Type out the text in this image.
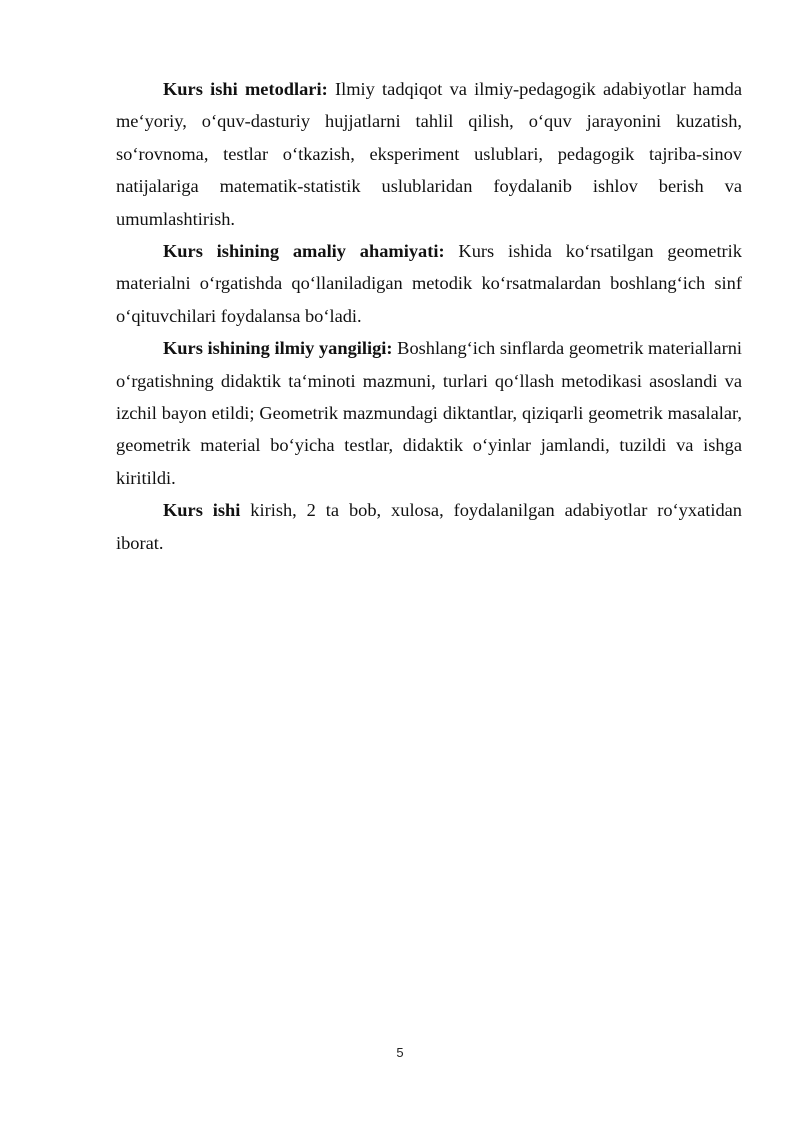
Kurs ishi metodlari: Ilmiy tadqiqot va ilmiy-pedagogik adabiyotlar hamda me‘yoriy, o‘quv-dasturiy hujjatlarni tahlil qilish, o‘quv jarayonini kuzatish, so‘rovnoma, testlar o‘tkazish, eksperiment uslublari, pedagogik tajriba-sinov natijalariga matematik-statistik uslublaridan foydalanib ishlov berish va umumlashtirish.

Kurs ishining amaliy ahamiyati: Kurs ishida ko‘rsatilgan geometrik materialni o‘rgatishda qo‘llaniladigan metodik ko‘rsatmalardan boshlang‘ich sinf o‘qituvchilari foydalansa bo‘ladi.

Kurs ishining ilmiy yangiligi: Boshlang‘ich sinflarda geometrik materiallarni o‘rgatishning didaktik ta‘minoti mazmuni, turlari qo‘llash metodikasi asoslandi va izchil bayon etildi; Geometrik mazmundagi diktantlar, qiziqarli geometrik masalalar, geometrik material bo‘yicha testlar, didaktik o‘yinlar jamlandi, tuzildi va ishga kiritildi.

Kurs ishi kirish, 2 ta bob, xulosa, foydalanilgan adabiyotlar ro‘yxatidan iborat.

5
